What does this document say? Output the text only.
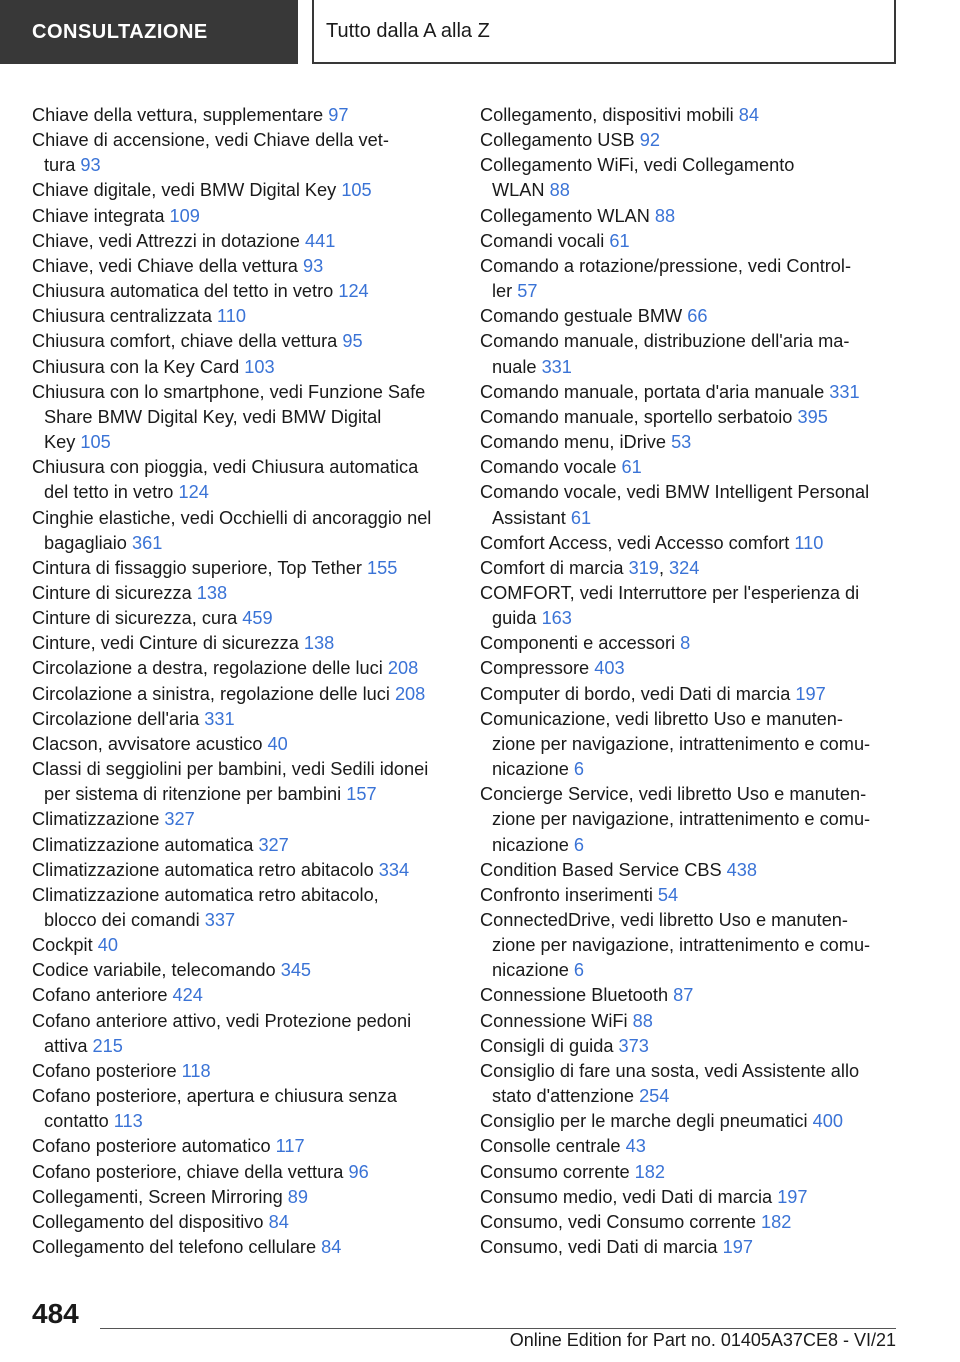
CONSULTAZIONE	Tutto dalla A alla Z
Chiave della vettura, supplementare 97
Chiave di accensione, vedi Chiave della vet‐
tura 93
Chiave digitale, vedi BMW Digital Key 105
Chiave integrata 109
Chiave, vedi Attrezzi in dotazione 441
Chiave, vedi Chiave della vettura 93
Chiusura automatica del tetto in vetro 124
Chiusura centralizzata 110
Chiusura comfort, chiave della vettura 95
Chiusura con la Key Card 103
Chiusura con lo smartphone, vedi Funzione Safe
Share BMW Digital Key, vedi BMW Digital
Key 105
Chiusura con pioggia, vedi Chiusura automatica
del tetto in vetro 124
Cinghie elastiche, vedi Occhielli di ancoraggio nel
bagagliaio 361
Cintura di fissaggio superiore, Top Tether 155
Cinture di sicurezza 138
Cinture di sicurezza, cura 459
Cinture, vedi Cinture di sicurezza 138
Circolazione a destra, regolazione delle luci 208
Circolazione a sinistra, regolazione delle luci 208
Circolazione dell'aria 331
Clacson, avvisatore acustico 40
Classi di seggiolini per bambini, vedi Sedili idonei
per sistema di ritenzione per bambini 157
Climatizzazione 327
Climatizzazione automatica 327
Climatizzazione automatica retro abitacolo 334
Climatizzazione automatica retro abitacolo,
blocco dei comandi 337
Cockpit 40
Codice variabile, telecomando 345
Cofano anteriore 424
Cofano anteriore attivo, vedi Protezione pedoni
attiva 215
Cofano posteriore 118
Cofano posteriore, apertura e chiusura senza
contatto 113
Cofano posteriore automatico 117
Cofano posteriore, chiave della vettura 96
Collegamenti, Screen Mirroring 89
Collegamento del dispositivo 84
Collegamento del telefono cellulare 84
Collegamento, dispositivi mobili 84
Collegamento USB 92
Collegamento WiFi, vedi Collegamento
WLAN 88
Collegamento WLAN 88
Comandi vocali 61
Comando a rotazione/pressione, vedi Control‐
ler 57
Comando gestuale BMW 66
Comando manuale, distribuzione dell'aria ma‐
nuale 331
Comando manuale, portata d'aria manuale 331
Comando manuale, sportello serbatoio 395
Comando menu, iDrive 53
Comando vocale 61
Comando vocale, vedi BMW Intelligent Personal
Assistant 61
Comfort Access, vedi Accesso comfort 110
Comfort di marcia 319, 324
COMFORT, vedi Interruttore per l'esperienza di
guida 163
Componenti e accessori 8
Compressore 403
Computer di bordo, vedi Dati di marcia 197
Comunicazione, vedi libretto Uso e manuten‐
zione per navigazione, intrattenimento e comu‐
nicazione 6
Concierge Service, vedi libretto Uso e manuten‐
zione per navigazione, intrattenimento e comu‐
nicazione 6
Condition Based Service CBS 438
Confronto inserimenti 54
ConnectedDrive, vedi libretto Uso e manuten‐
zione per navigazione, intrattenimento e comu‐
nicazione 6
Connessione Bluetooth 87
Connessione WiFi 88
Consigli di guida 373
Consiglio di fare una sosta, vedi Assistente allo
stato d'attenzione 254
Consiglio per le marche degli pneumatici 400
Consolle centrale 43
Consumo corrente 182
Consumo medio, vedi Dati di marcia 197
Consumo, vedi Consumo corrente 182
Consumo, vedi Dati di marcia 197
484
Online Edition for Part no. 01405A37CE8 - VI/21
